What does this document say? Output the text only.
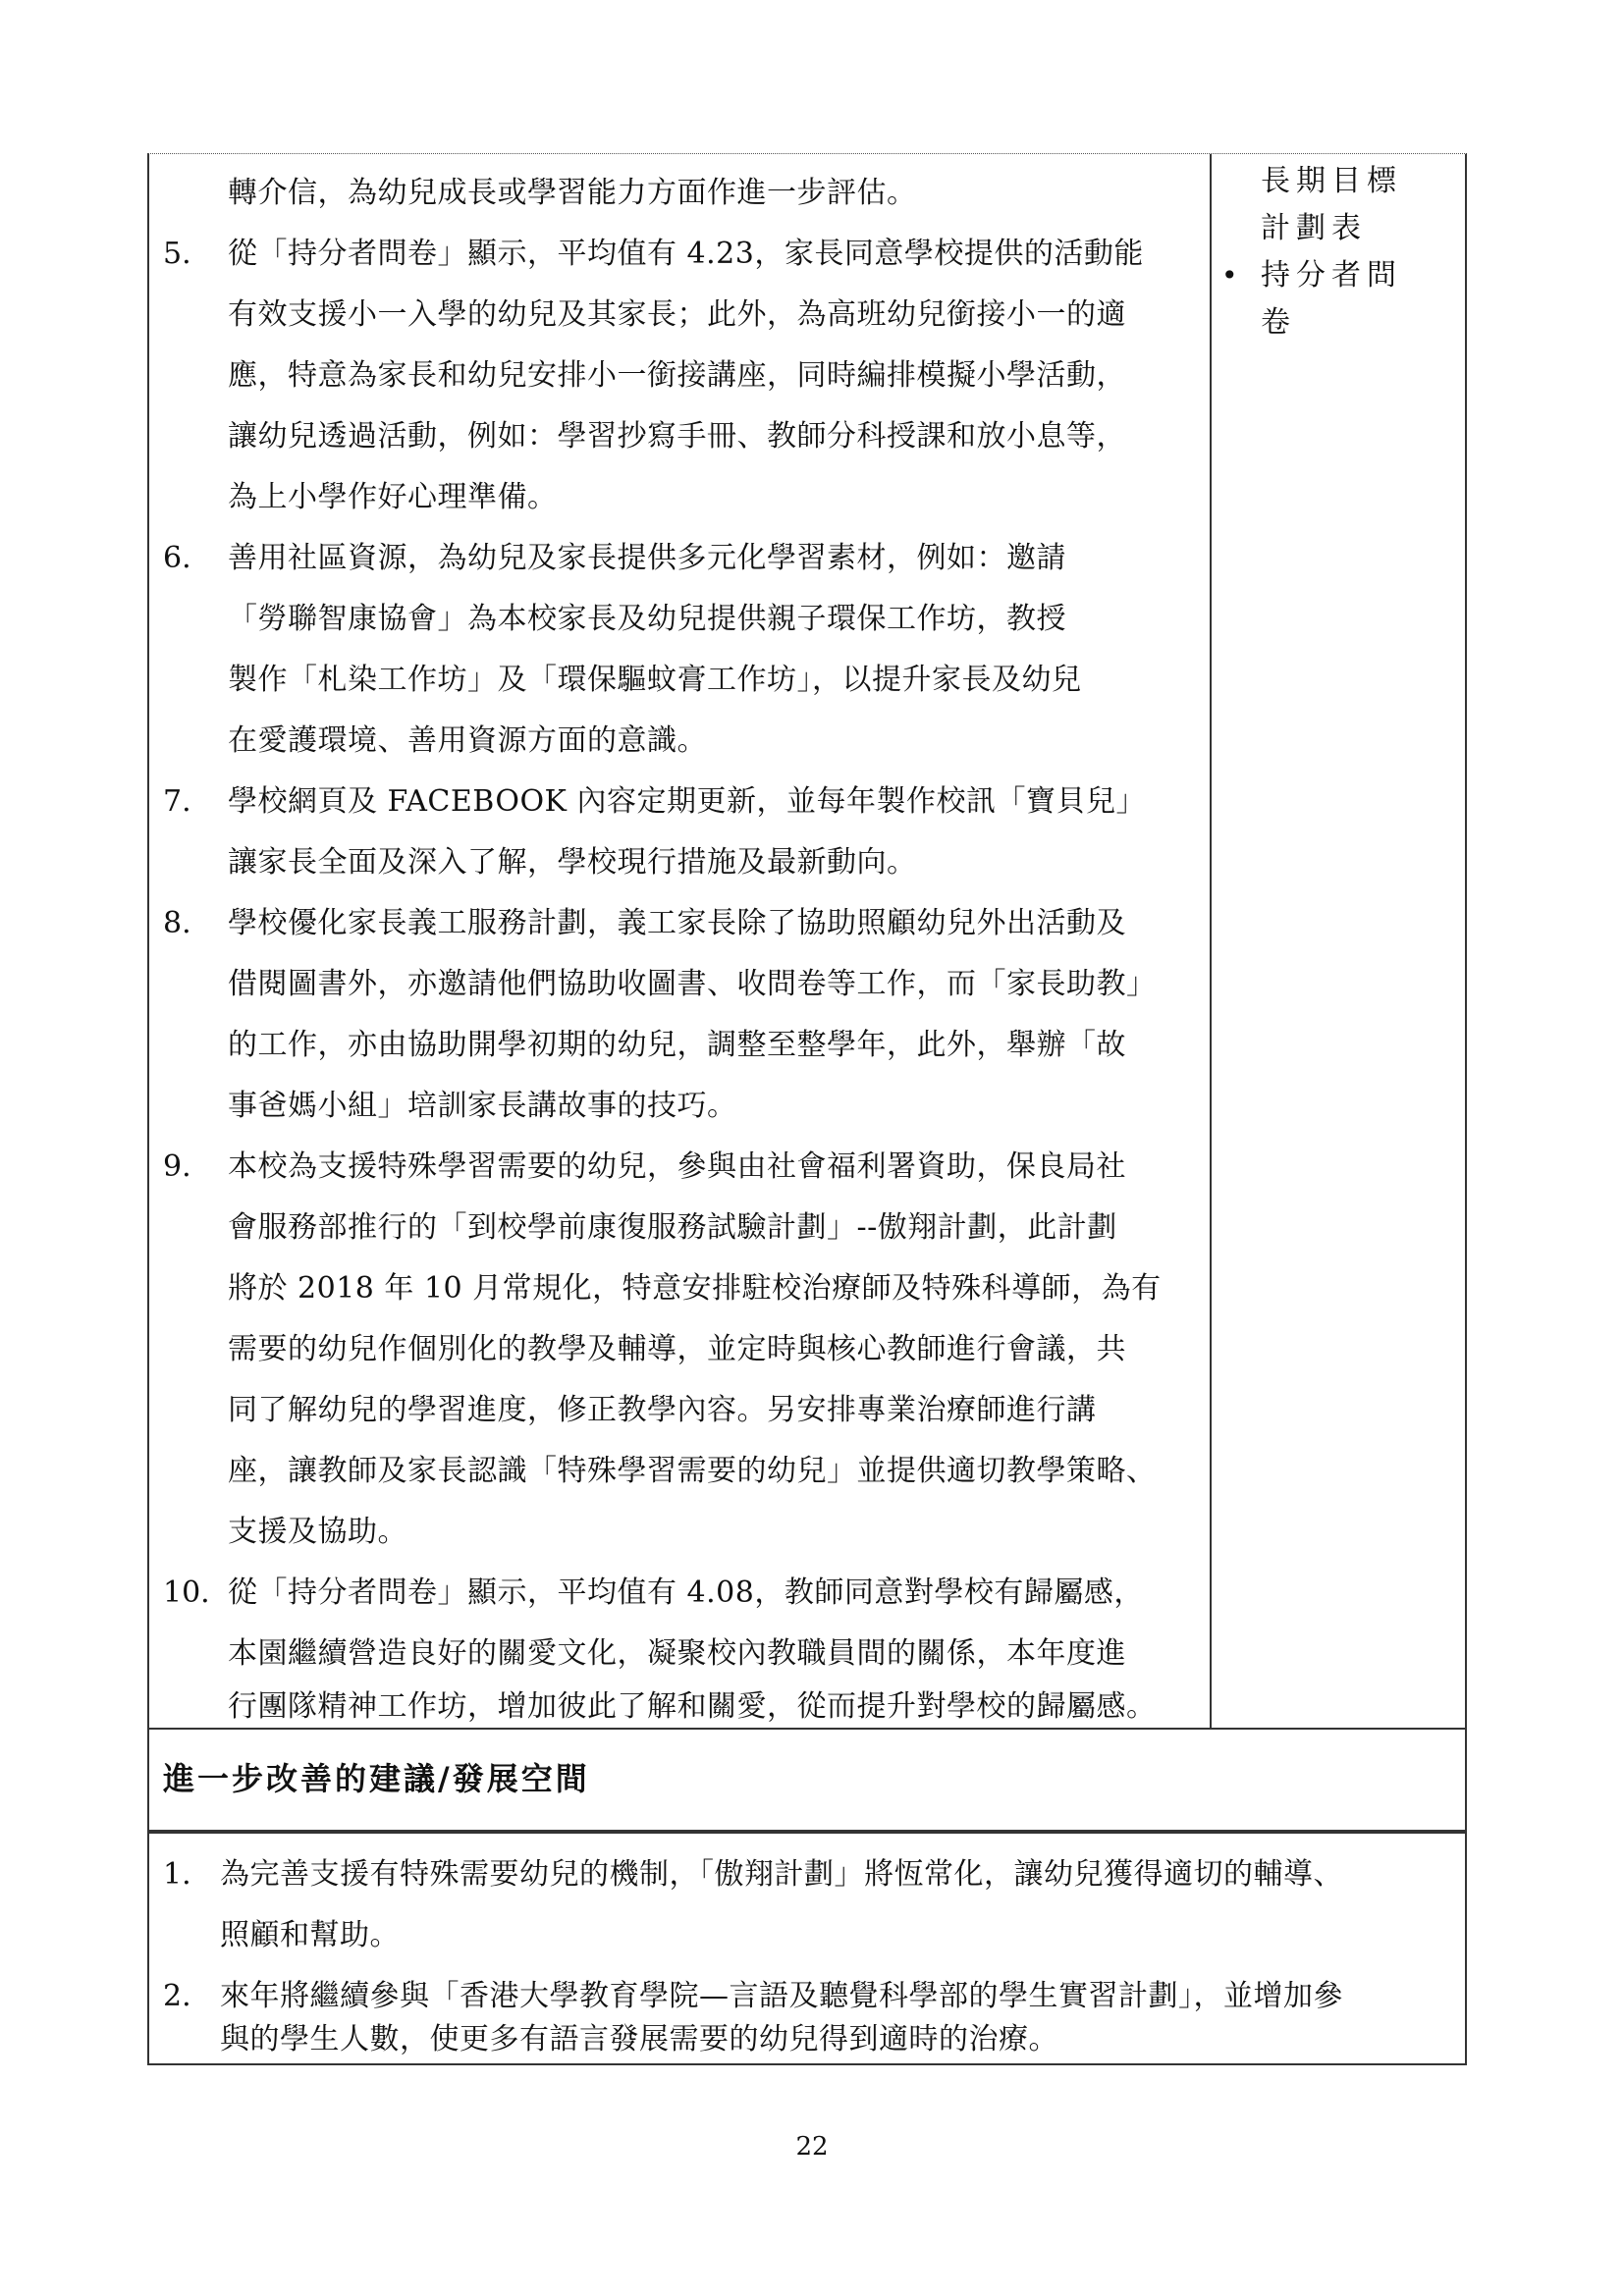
轉介信，為幼兒成長或學習能力方面作進一步評估。
5. 從「持分者問卷」顯示，平均值有 4.23，家長同意學校提供的活動能
有效支援小一入學的幼兒及其家長；此外，為高班幼兒銜接小一的適
應，特意為家長和幼兒安排小一銜接講座，同時編排模擬小學活動，
讓幼兒透過活動，例如：學習抄寫手冊、教師分科授課和放小息等，
為上小學作好心理準備。
6. 善用社區資源，為幼兒及家長提供多元化學習素材，例如：邀請
「勞聯智康協會」為本校家長及幼兒提供親子環保工作坊，教授
製作「札染工作坊」及「環保驅蚊膏工作坊」，以提升家長及幼兒
在愛護環境、善用資源方面的意識。
7. 學校網頁及 FACEBOOK 內容定期更新，並每年製作校訊「寶貝兒」
讓家長全面及深入了解，學校現行措施及最新動向。
8. 學校優化家長義工服務計劃，義工家長除了協助照顧幼兒外出活動及
借閱圖書外，亦邀請他們協助收圖書、收問卷等工作，而「家長助教」
的工作，亦由協助開學初期的幼兒，調整至整學年，此外，舉辦「故
事爸媽小組」培訓家長講故事的技巧。
9. 本校為支援特殊學習需要的幼兒，參與由社會福利署資助，保良局社
會服務部推行的「到校學前康復服務試驗計劃」--傲翔計劃，此計劃
將於 2018 年 10 月常規化，特意安排駐校治療師及特殊科導師，為有
需要的幼兒作個別化的教學及輔導，並定時與核心教師進行會議，共
同了解幼兒的學習進度，修正教學內容。另安排專業治療師進行講
座，讓教師及家長認識「特殊學習需要的幼兒」並提供適切教學策略、
支援及協助。
10. 從「持分者問卷」顯示，平均值有 4.08，教師同意對學校有歸屬感，
本園繼續營造良好的關愛文化，凝聚校內教職員間的關係，本年度進
行團隊精神工作坊，增加彼此了解和關愛，從而提升對學校的歸屬感。
長期目標
計劃表
• 持分者問
卷
進一步改善的建議/發展空間
1. 為完善支援有特殊需要幼兒的機制，「傲翔計劃」將恆常化，讓幼兒獲得適切的輔導、
照顧和幫助。
2. 來年將繼續參與「香港大學教育學院—言語及聽覺科學部的學生實習計劃」，並增加參
與的學生人數，使更多有語言發展需要的幼兒得到適時的治療。
22
